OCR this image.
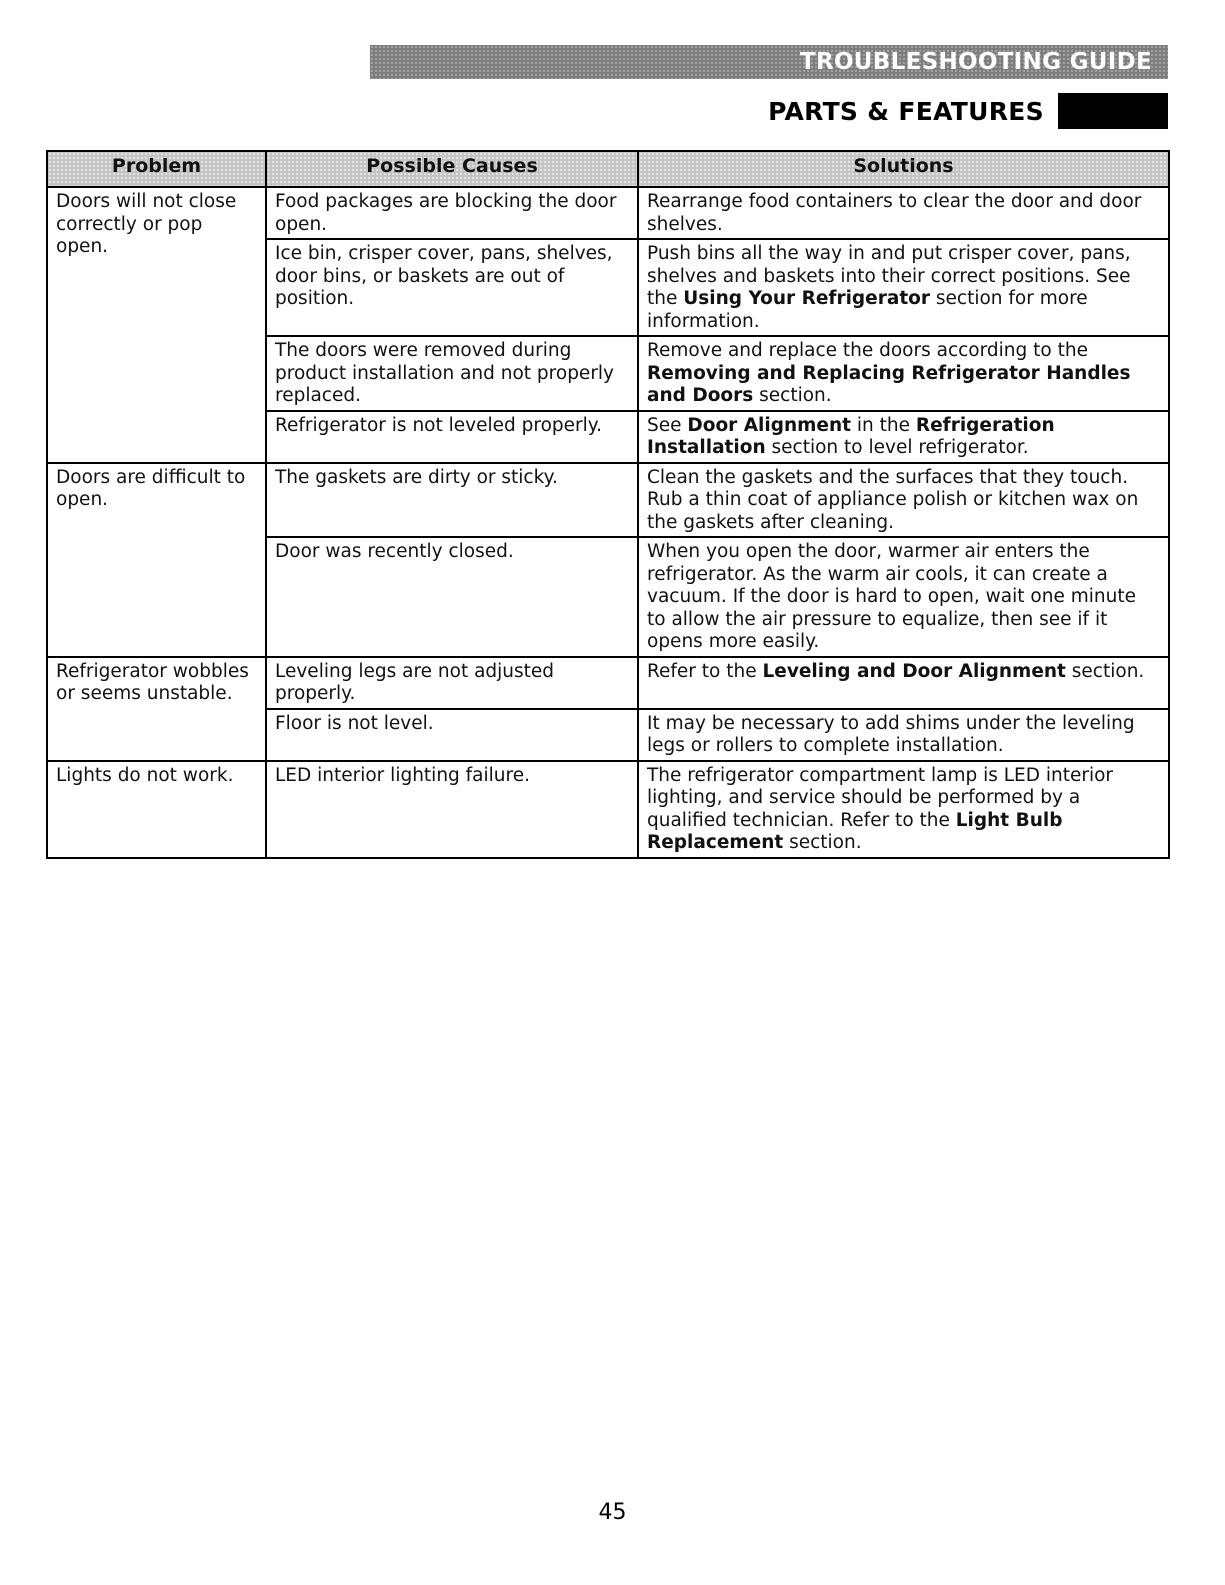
TROUBLESHOOTING GUIDE
PARTS & FEATURES
Problem	Possible Causes	Solutions
Doors will not close correctly or pop open.	Food packages are blocking the door open.	Rearrange food containers to clear the door and door shelves.
	Ice bin, crisper cover, pans, shelves, door bins, or baskets are out of position.	Push bins all the way in and put crisper cover, pans, shelves and baskets into their correct positions. See the Using Your Refrigerator section for more information.
	The doors were removed during product installation and not properly replaced.	Remove and replace the doors according to the Removing and Replacing Refrigerator Handles and Doors section.
	Refrigerator is not leveled properly.	See Door Alignment in the Refrigeration Installation section to level refrigerator.
Doors are difficult to open.	The gaskets are dirty or sticky.	Clean the gaskets and the surfaces that they touch. Rub a thin coat of appliance polish or kitchen wax on the gaskets after cleaning.
	Door was recently closed.	When you open the door, warmer air enters the refrigerator. As the warm air cools, it can create a vacuum. If the door is hard to open, wait one minute to allow the air pressure to equalize, then see if it opens more easily.
Refrigerator wobbles or seems unstable.	Leveling legs are not adjusted properly.	Refer to the Leveling and Door Alignment section.
	Floor is not level.	It may be necessary to add shims under the leveling legs or rollers to complete installation.
Lights do not work.	LED interior lighting failure.	The refrigerator compartment lamp is LED interior lighting, and service should be performed by a qualified technician. Refer to the Light Bulb Replacement section.
45
